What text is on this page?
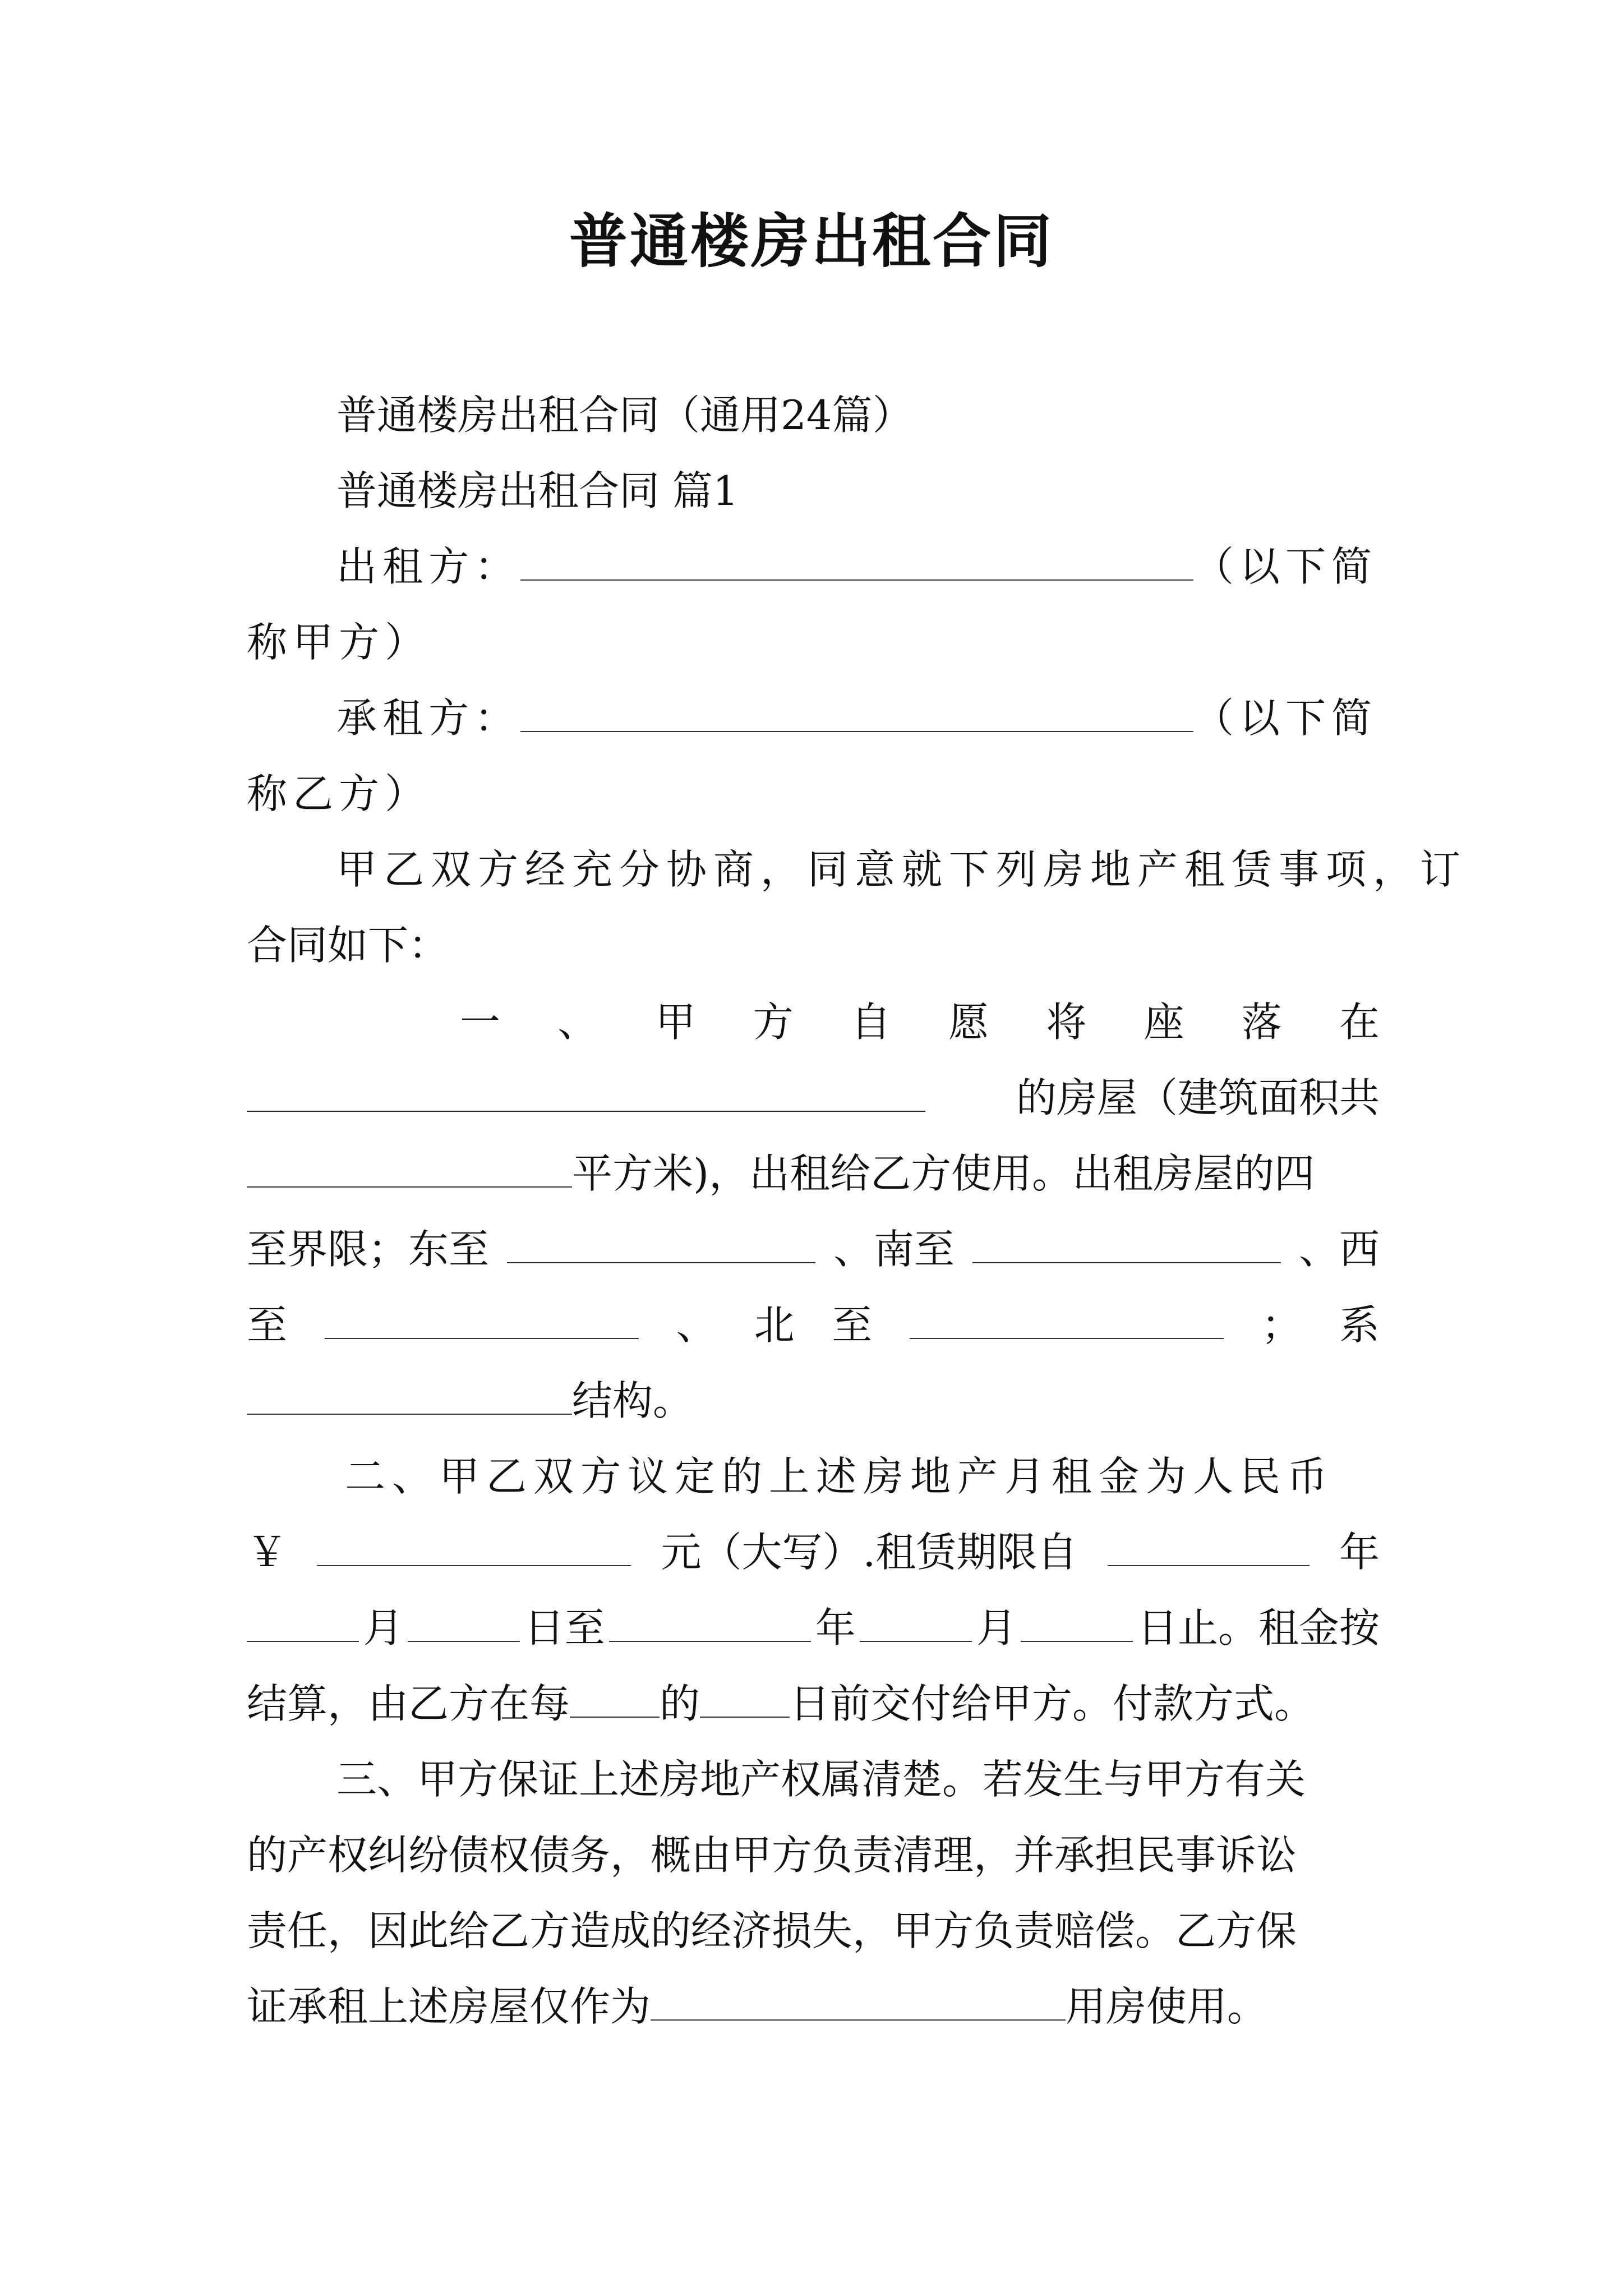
普通楼房出租合同
普通楼房出租合同（通用24篇）
普通楼房出租合同 篇1
出租方：	（以下简
称甲方）
承租方：	（以下简
称乙方）
甲乙双方经充分协商，同意就下列房地产租赁事项，订
合同如下：
一 、 甲 方 自 愿 将 座 落 在
的房屋（建筑面积共
平方米)，出租给乙方使用。出租房屋的四
至界限；东至	、南至	、西
至	、 北 至	； 系
结构。
二、甲乙双方议定的上述房地产月租金为人民币
￥	元（大写）.租赁期限自	年
月	日至	年	月	日止。租金按
结算，由乙方在每 的 日前交付给甲方。付款方式。
三、甲方保证上述房地产权属清楚。若发生与甲方有关
的产权纠纷债权债务，概由甲方负责清理，并承担民事诉讼
责任，因此给乙方造成的经济损失，甲方负责赔偿。乙方保
证承租上述房屋仅作为	用房使用。
